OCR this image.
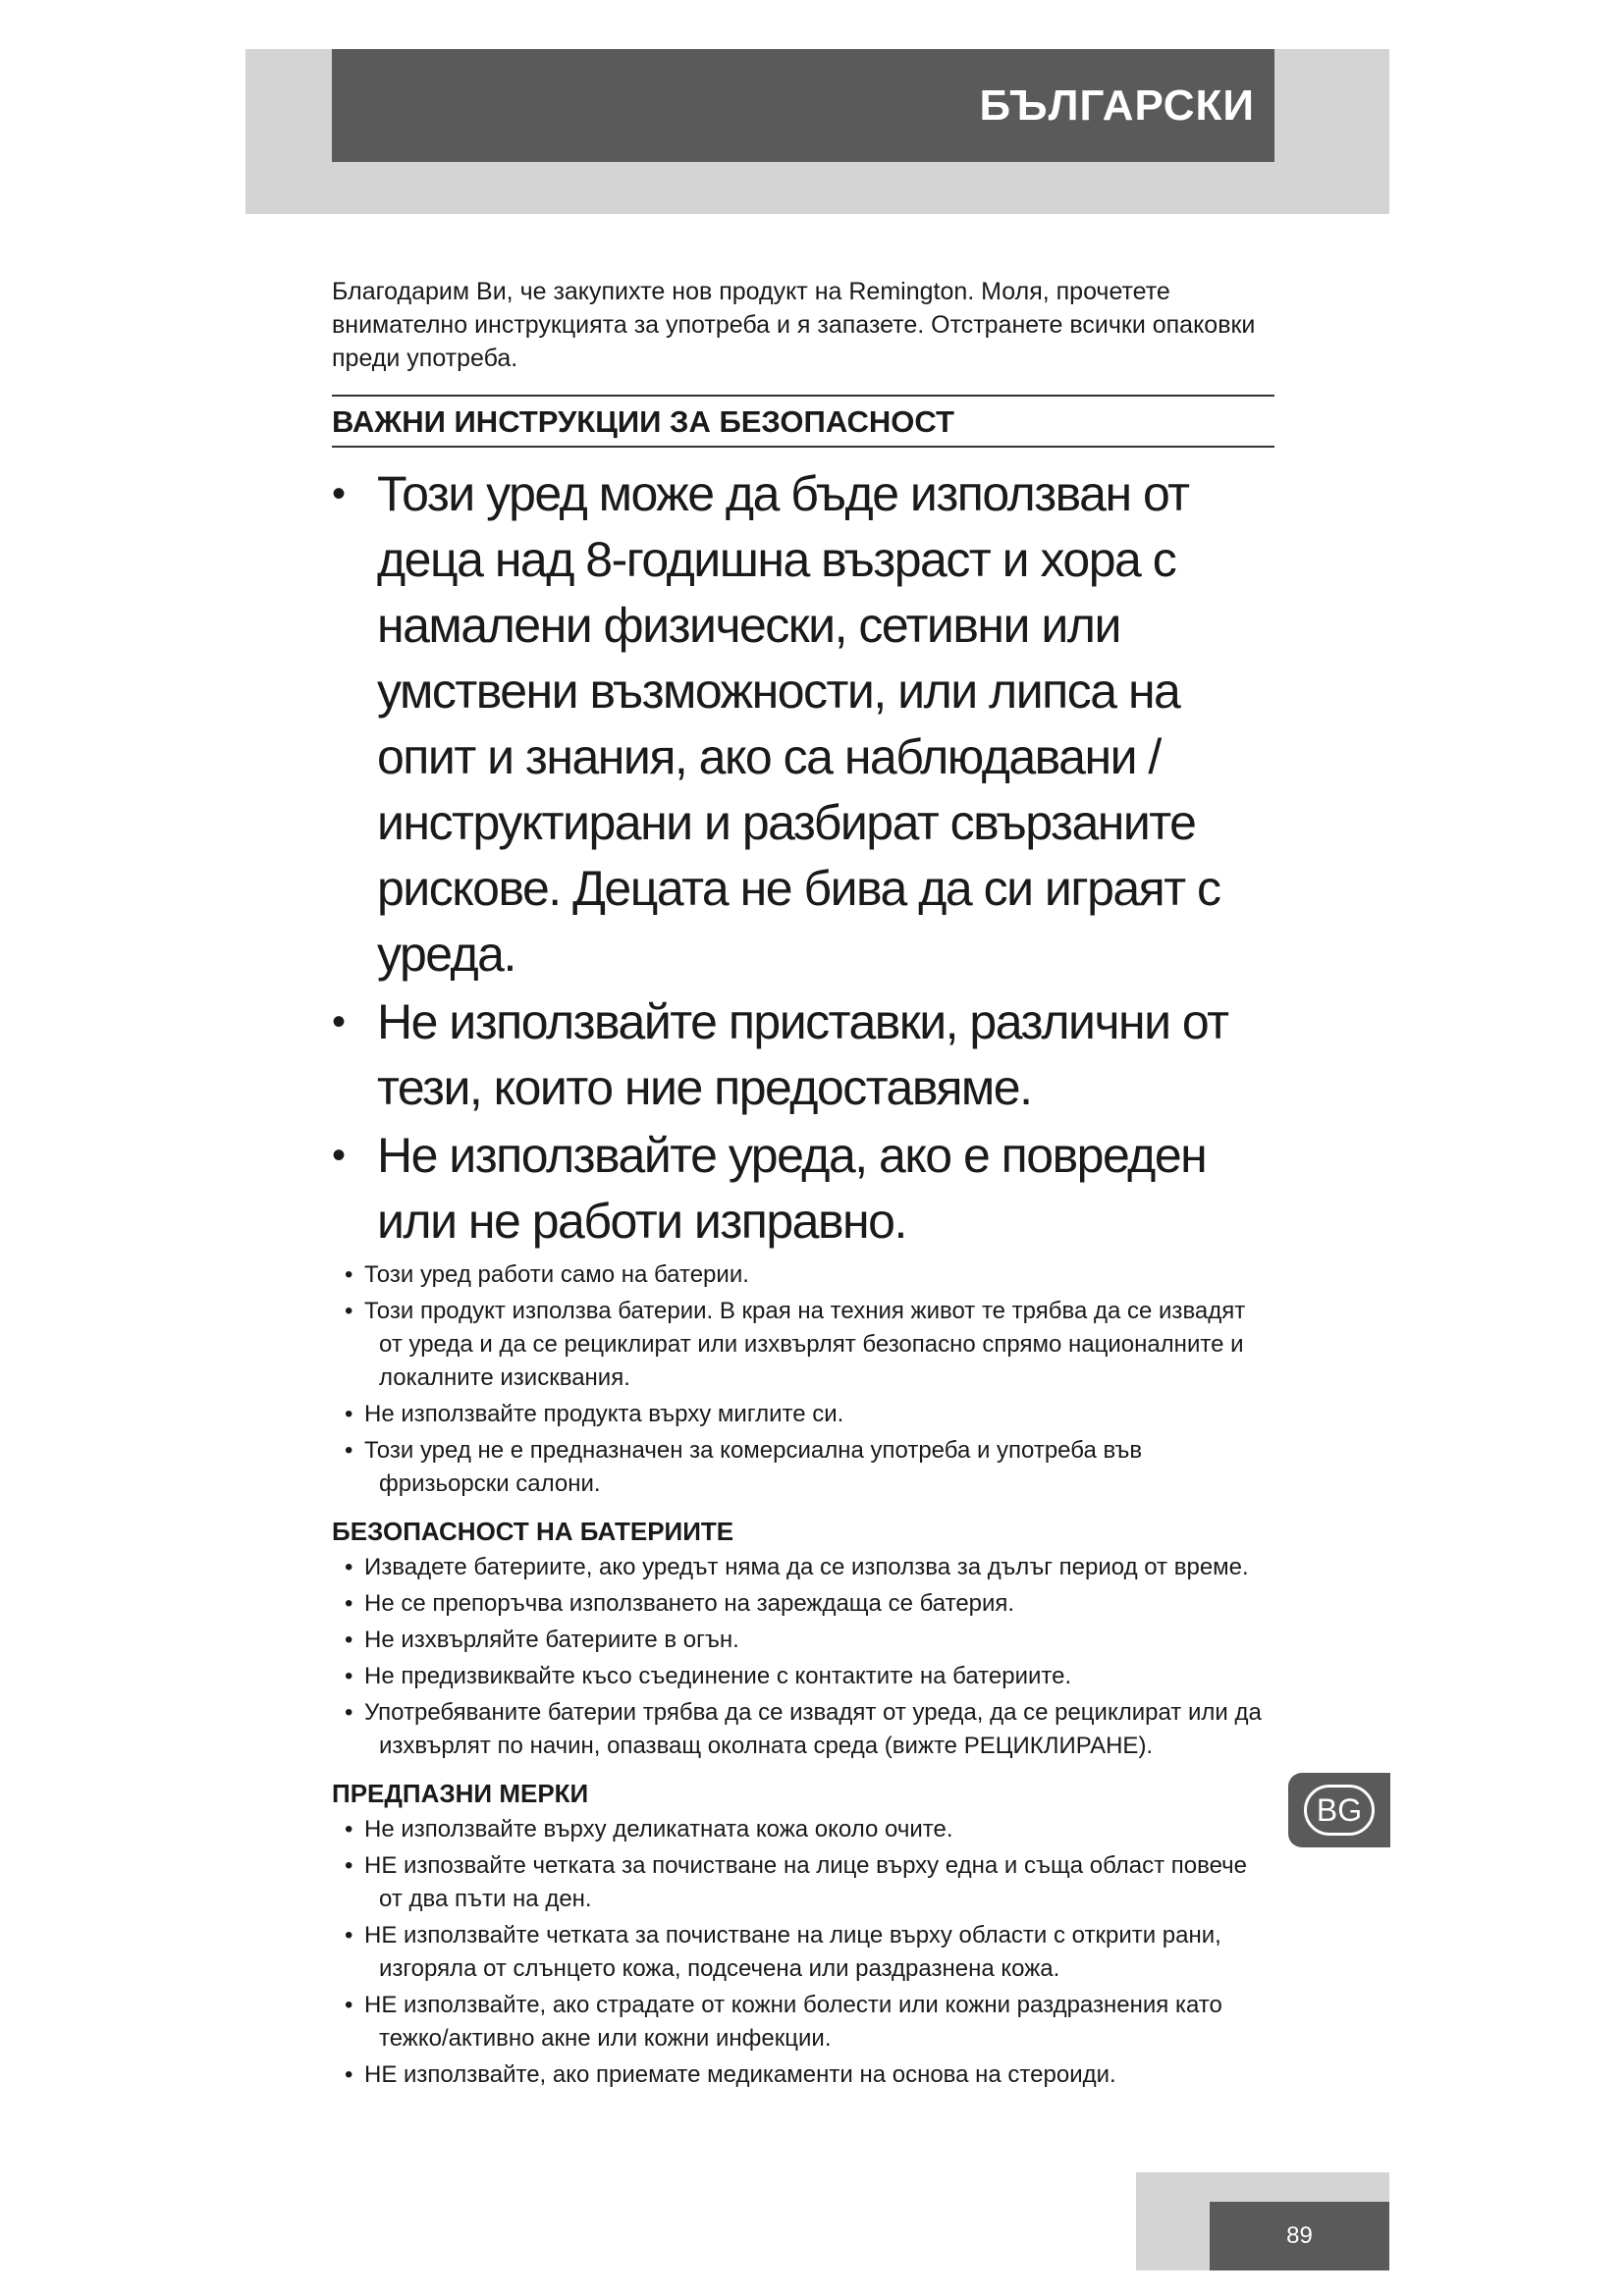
БЪЛГАРСКИ

Благодарим Ви, че закупихте нов продукт на Remington. Моля, прочетете внимателно инструкцията за употреба и я запазете. Отстранете всички опаковки преди употреба.

ВАЖНИ ИНСТРУКЦИИ ЗА БЕЗОПАСНОСТ
• Този уред може да бъде използван от деца над 8-годишна възраст и хора с намалени физически, сетивни или умствени възможности, или липса на опит и знания, ако са наблюдавани /инструктирани и разбират свързаните рискове. Децата не бива да си играят с уреда.
• Не използвайте приставки, различни от тези, които ние предоставяме.
• Не използвайте уреда, ако е повреден или не работи изправно.
• Този уред работи само на батерии.
• Този продукт използва батерии. В края на техния живот те трябва да се извадят от уреда и да се рециклират или изхвърлят безопасно спрямо националните и локалните изисквания.
• Не използвайте продукта върху миглите си.
• Този уред не е предназначен за комерсиална употреба и употреба във фризьорски салони.
БЕЗОПАСНОСТ НА БАТЕРИИТЕ
• Извадете батериите, ако уредът няма да се използва за дълъг период от време.
• Не се препоръчва използването на зареждаща се батерия.
• Не изхвърляйте батериите в огън.
• Не предизвиквайте късо съединение с контактите на батериите.
• Употребяваните батерии трябва да се извадят от уреда, да се рециклират или да изхвърлят по начин, опазващ околната среда (вижте РЕЦИКЛИРАНЕ).
ПРЕДПАЗНИ МЕРКИ
• Не използвайте върху деликатната кожа около очите.
• НЕ изпозвайте четката за почистване на лице върху една и съща област повече от два пъти на ден.
• НЕ използвайте четката за почистване на лице върху области с открити рани, изгоряла от слънцето кожа, подсечена или раздразнена кожа.
• НЕ използвайте, ако страдате от кожни болести или кожни раздразнения като тежко/активно акне или кожни инфекции.
• НЕ използвайте, ако приемате медикаменти на основа на стероиди.
BG
89
